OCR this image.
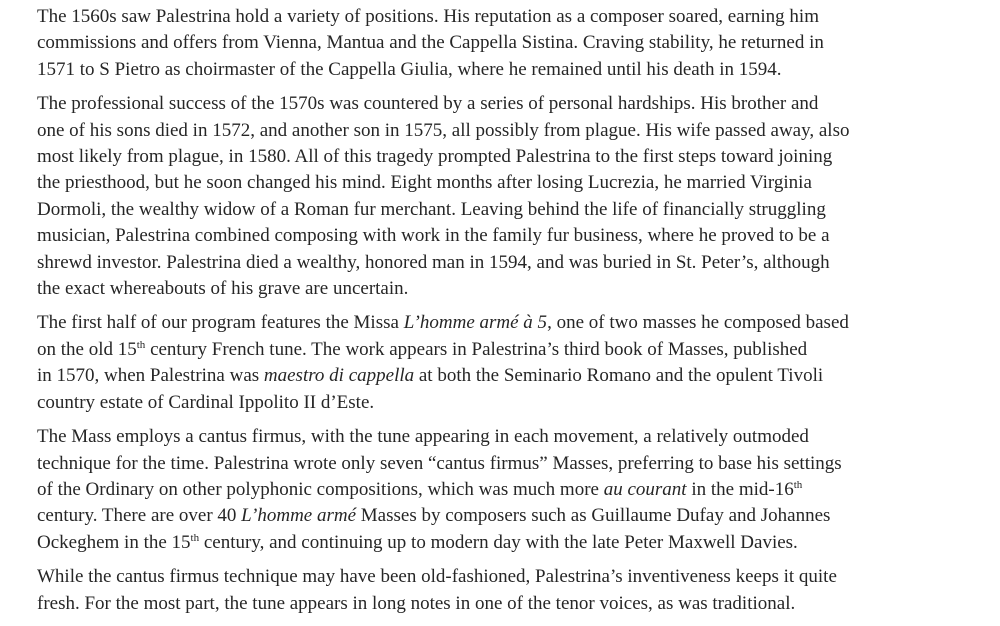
The 1560s saw Palestrina hold a variety of positions. His reputation as a composer soared, earning him
commissions and offers from Vienna, Mantua and the Cappella Sistina. Craving stability, he returned in
1571 to S Pietro as choirmaster of the Cappella Giulia, where he remained until his death in 1594.

The professional success of the 1570s was countered by a series of personal hardships. His brother and
one of his sons died in 1572, and another son in 1575, all possibly from plague. His wife passed away, also
most likely from plague, in 1580. All of this tragedy prompted Palestrina to the first steps toward joining
the priesthood, but he soon changed his mind. Eight months after losing Lucrezia, he married Virginia
Dormoli, the wealthy widow of a Roman fur merchant. Leaving behind the life of financially struggling
musician, Palestrina combined composing with work in the family fur business, where he proved to be a
shrewd investor. Palestrina died a wealthy, honored man in 1594, and was buried in St. Peter’s, although
the exact whereabouts of his grave are uncertain.

The first half of our program features the Missa L’homme armé à 5, one of two masses he composed based
on the old 15th century French tune. The work appears in Palestrina’s third book of Masses, published
in 1570, when Palestrina was maestro di cappella at both the Seminario Romano and the opulent Tivoli
country estate of Cardinal Ippolito II d’Este.

The Mass employs a cantus firmus, with the tune appearing in each movement, a relatively outmoded
technique for the time. Palestrina wrote only seven “cantus firmus” Masses, preferring to base his settings
of the Ordinary on other polyphonic compositions, which was much more au courant in the mid-16th
century. There are over 40 L’homme armé Masses by composers such as Guillaume Dufay and Johannes
Ockeghem in the 15th century, and continuing up to modern day with the late Peter Maxwell Davies.

While the cantus firmus technique may have been old-fashioned, Palestrina’s inventiveness keeps it quite
fresh. For the most part, the tune appears in long notes in one of the tenor voices, as was traditional.
